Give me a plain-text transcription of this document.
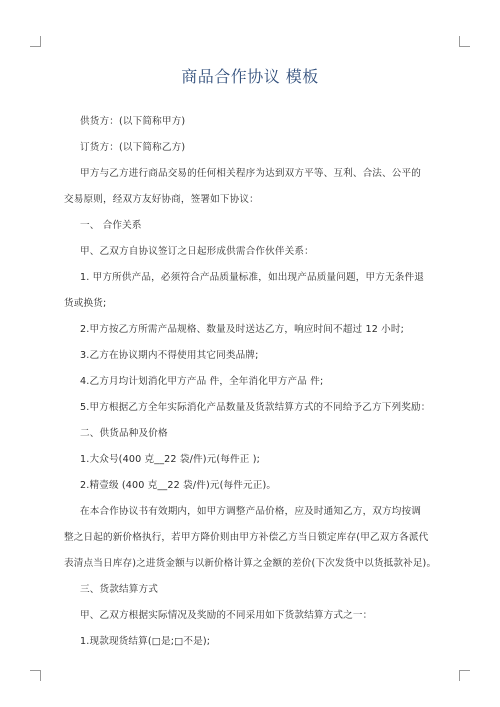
商品合作协议 模板
供货方：(以下简称甲方)
订货方：(以下简称乙方)
甲方与乙方进行商品交易的任何相关程序为达到双方平等、互利、合法、公平的
交易原则，经双方友好协商，签署如下协议：
一、 合作关系
甲、乙双方自协议签订之日起形成供需合作伙伴关系：
1. 甲方所供产品，必须符合产品质量标准，如出现产品质量问题，甲方无条件退
货或换货;
2.甲方按乙方所需产品规格、数量及时送达乙方，响应时间不超过 12 小时;
3.乙方在协议期内不得使用其它同类品牌;
4.乙方月均计划消化甲方产品 件，全年消化甲方产品 件;
5.甲方根据乙方全年实际消化产品数量及货款结算方式的不同给予乙方下列奖励：
二、供货品种及价格
1.大众号(400 克__22 袋/件)元(每件正 );
2.精壹级 (400 克__22 袋/件)元(每件元正)。
在本合作协议书有效期内，如甲方调整产品价格，应及时通知乙方，双方均按调
整之日起的新价格执行，若甲方降价则由甲方补偿乙方当日锁定库存(甲乙双方各派代
表清点当日库存)之进货金额与以新价格计算之金额的差价(下次发货中以货抵款补足)。
三、货款结算方式
甲、乙双方根据实际情况及奖励的不同采用如下货款结算方式之一：
1.现款现货结算(□是;□不是);
